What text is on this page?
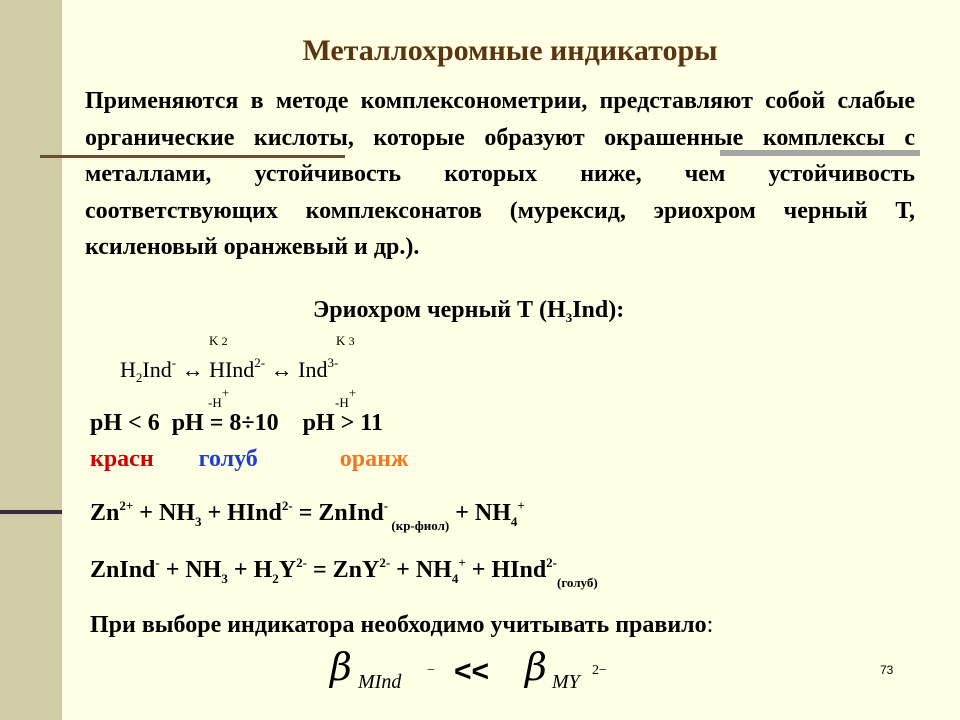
Металлохромные индикаторы
Применяются в методе комплексонометрии, представляют собой слабые органические кислоты, которые образуют окрашенные комплексы с металлами, устойчивость которых ниже, чем устойчивость соответствующих комплексонатов (мурексид, эриохром черный Т, ксиленовый оранжевый и др.).
Эриохром черный Т $(Н_3Ind)$:
K 2	K 3
$H_2Ind^-$ ↔ HInd$^{2-}$ ↔ Ind$^{3-}$
-H+
-H+
pH < 6 pH = 8÷10 pH > 11
красн голуб	оранж
$Zn^{2+} + NH_3$ + HInd$^{2-}$ = ZnInd- $_{(кр-фиол)} + NH_4^+$
ZnInd- + $NH_3 + H_2Y^{2-} = ZnY^{2-} + NH_4^+$ + HInd$^{2-}_{(голуб)}$
При выборе индикатора необходимо учитывать правило:
β MInd
− << β MY
2−	73
